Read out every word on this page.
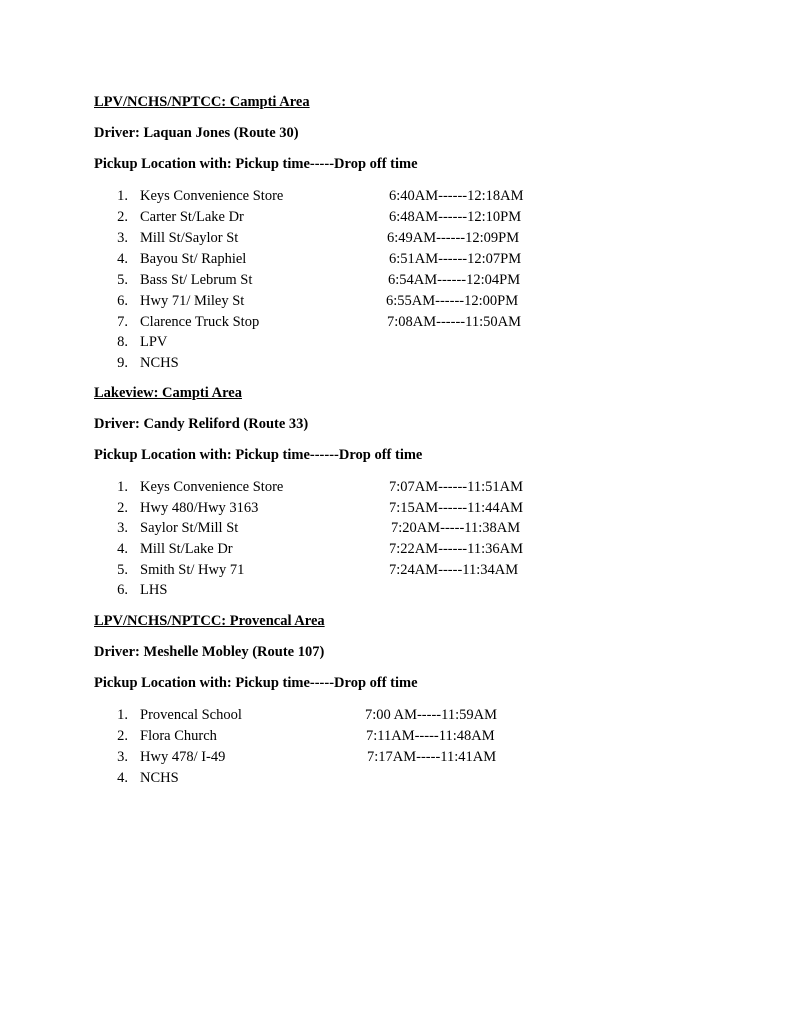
LPV/NCHS/NPTCC: Campti Area
Driver: Laquan Jones (Route 30)
Pickup Location with: Pickup time-----Drop off time
1. Keys Convenience Store	6:40AM------12:18AM
2. Carter St/Lake Dr	6:48AM------12:10PM
3. Mill St/Saylor St	6:49AM------12:09PM
4. Bayou St/ Raphiel	6:51AM------12:07PM
5. Bass St/ Lebrum St	6:54AM------12:04PM
6. Hwy 71/ Miley St	6:55AM------12:00PM
7. Clarence Truck Stop	7:08AM------11:50AM
8. LPV
9. NCHS
Lakeview: Campti Area
Driver: Candy Reliford (Route 33)
Pickup Location with: Pickup time------Drop off time
1. Keys Convenience Store	7:07AM------11:51AM
2. Hwy 480/Hwy 3163	7:15AM------11:44AM
3. Saylor St/Mill St	7:20AM-----11:38AM
4. Mill St/Lake Dr	7:22AM------11:36AM
5. Smith St/ Hwy 71	7:24AM-----11:34AM
6. LHS
LPV/NCHS/NPTCC: Provencal Area
Driver: Meshelle Mobley (Route 107)
Pickup Location with: Pickup time-----Drop off time
1. Provencal School	7:00 AM-----11:59AM
2. Flora Church	7:11AM-----11:48AM
3. Hwy 478/ I-49	7:17AM-----11:41AM
4. NCHS
